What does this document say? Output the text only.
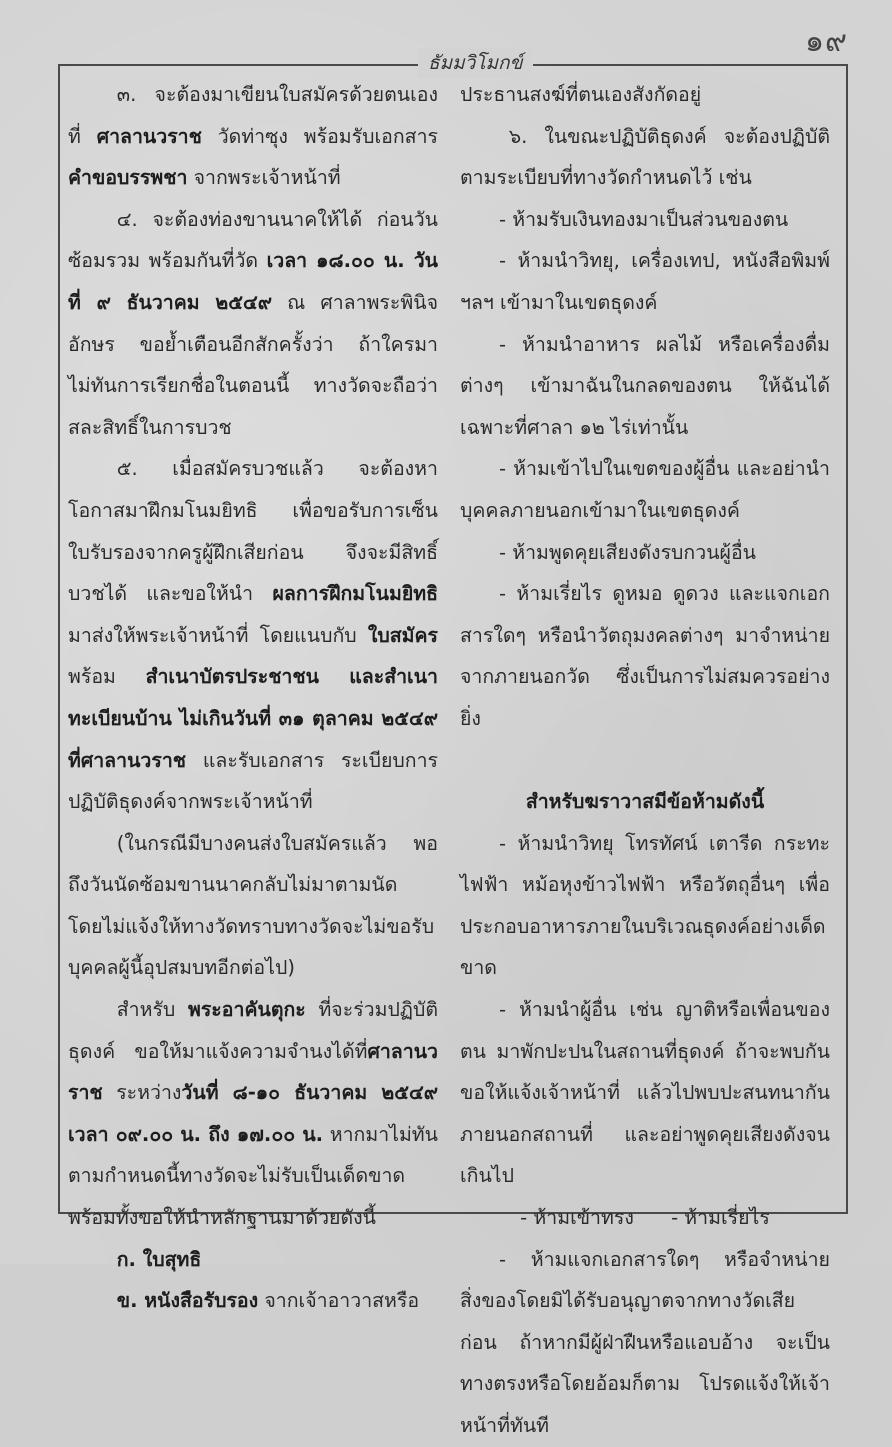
๑๙
ธัมมวิโมกข์

๓. จะต้องมาเขียนใบสมัครด้วยตนเอง ที่ ศาลานวราช วัดท่าซุง พร้อมรับเอกสาร คำขอบรรพชา จากพระเจ้าหน้าที่

๔. จะต้องท่องขานนาคให้ได้ ก่อนวันซ้อมรวม พร้อมกันที่วัด เวลา ๑๘.๐๐ น. วันที่ ๙ ธันวาคม ๒๕๔๙ ณ ศาลาพระพินิจอักษร ขอย้ำเตือนอีกสักครั้งว่า ถ้าใครมาไม่ทันการเรียกชื่อในตอนนี้ ทางวัดจะถือว่าสละสิทธิ์ในการบวช

๕. เมื่อสมัครบวชแล้ว จะต้องหาโอกาสมาฝึกมโนมยิทธิ เพื่อขอรับการเซ็นใบรับรองจากครูผู้ฝึกเสียก่อน จึงจะมีสิทธิ์บวชได้ และขอให้นำ ผลการฝึกมโนมยิทธิ มาส่งให้พระเจ้าหน้าที่ โดยแนบกับ ใบสมัคร พร้อม สำเนาบัตรประชาชน และสำเนาทะเบียนบ้าน ไม่เกินวันที่ ๓๑ ตุลาคม ๒๕๔๙ ที่ศาลานวราช และรับเอกสาร ระเบียบการปฏิบัติธุดงค์จากพระเจ้าหน้าที่

(ในกรณีมีบางคนส่งใบสมัครแล้ว พอถึงวันนัดซ้อมขานนาคกลับไม่มาตามนัด โดยไม่แจ้งให้ทางวัดทราบทางวัดจะไม่ขอรับบุคคลผู้นี้อุปสมบทอีกต่อไป)

สำหรับ พระอาคันตุกะ ที่จะร่วมปฏิบัติธุดงค์ ขอให้มาแจ้งความจำนงได้ที่ศาลานวราช ระหว่างวันที่ ๘-๑๐ ธันวาคม ๒๕๔๙ เวลา ๐๙.๐๐ น. ถึง ๑๗.๐๐ น. หากมาไม่ทันตามกำหนดนี้ทางวัดจะไม่รับเป็นเด็ดขาดพร้อมทั้งขอให้นำหลักฐานมาด้วยดังนี้

ก. ใบสุทธิ

ข. หนังสือรับรอง จากเจ้าอาวาสหรือ

ประธานสงฆ์ที่ตนเองสังกัดอยู่

๖. ในขณะปฏิบัติธุดงค์ จะต้องปฏิบัติตามระเบียบที่ทางวัดกำหนดไว้ เช่น

- ห้ามรับเงินทองมาเป็นส่วนของตน

- ห้ามนำวิทยุ, เครื่องเทป, หนังสือพิมพ์ ฯลฯ เข้ามาในเขตธุดงค์

- ห้ามนำอาหาร ผลไม้ หรือเครื่องดื่มต่างๆ เข้ามาฉันในกลดของตน ให้ฉันได้เฉพาะที่ศาลา ๑๒ ไร่เท่านั้น

- ห้ามเข้าไปในเขตของผู้อื่น และอย่านำบุคคลภายนอกเข้ามาในเขตธุดงค์

- ห้ามพูดคุยเสียงดังรบกวนผู้อื่น

- ห้ามเรี่ยไร ดูหมอ ดูดวง และแจกเอกสารใดๆ หรือนำวัตถุมงคลต่างๆ มาจำหน่ายจากภายนอกวัด ซึ่งเป็นการไม่สมควรอย่างยิ่ง

สำหรับฆราวาสมีข้อห้ามดังนี้

- ห้ามนำวิทยุ โทรทัศน์ เตารีด กระทะไฟฟ้า หม้อหุงข้าวไฟฟ้า หรือวัตถุอื่นๆ เพื่อประกอบอาหารภายในบริเวณธุดงค์อย่างเด็ดขาด

- ห้ามนำผู้อื่น เช่น ญาติหรือเพื่อนของตน มาพักปะปนในสถานที่ธุดงค์ ถ้าจะพบกันขอให้แจ้งเจ้าหน้าที่ แล้วไปพบปะสนทนากันภายนอกสถานที่ และอย่าพูดคุยเสียงดังจนเกินไป

- ห้ามเข้าทรง - ห้ามเรี่ยไร

- ห้ามแจกเอกสารใดๆ หรือจำหน่ายสิ่งของโดยมิได้รับอนุญาตจากทางวัดเสียก่อน ถ้าหากมีผู้ฝ่าฝืนหรือแอบอ้าง จะเป็นทางตรงหรือโดยอ้อมก็ตาม โปรดแจ้งให้เจ้าหน้าที่ทันที
